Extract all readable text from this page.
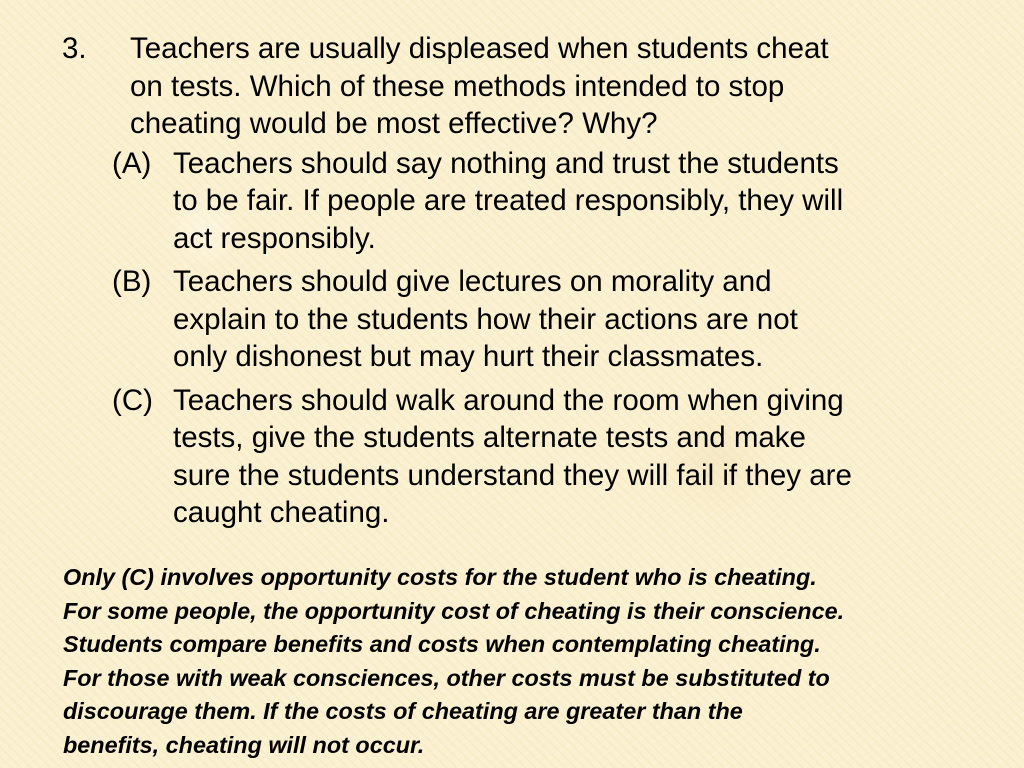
3.	Teachers are usually displeased when students cheat
on tests. Which of these methods intended to stop
cheating would be most effective? Why?
(A) Teachers should say nothing and trust the students
to be fair. If people are treated responsibly, they will
act responsibly.
(B) Teachers should give lectures on morality and
explain to the students how their actions are not
only dishonest but may hurt their classmates.
(C) Teachers should walk around the room when giving
tests, give the students alternate tests and make
sure the students understand they will fail if they are
caught cheating.
Only (C) involves opportunity costs for the student who is cheating.
For some people, the opportunity cost of cheating is their conscience.
Students compare benefits and costs when contemplating cheating.
For those with weak consciences, other costs must be substituted to
discourage them. If the costs of cheating are greater than the
benefits, cheating will not occur.
